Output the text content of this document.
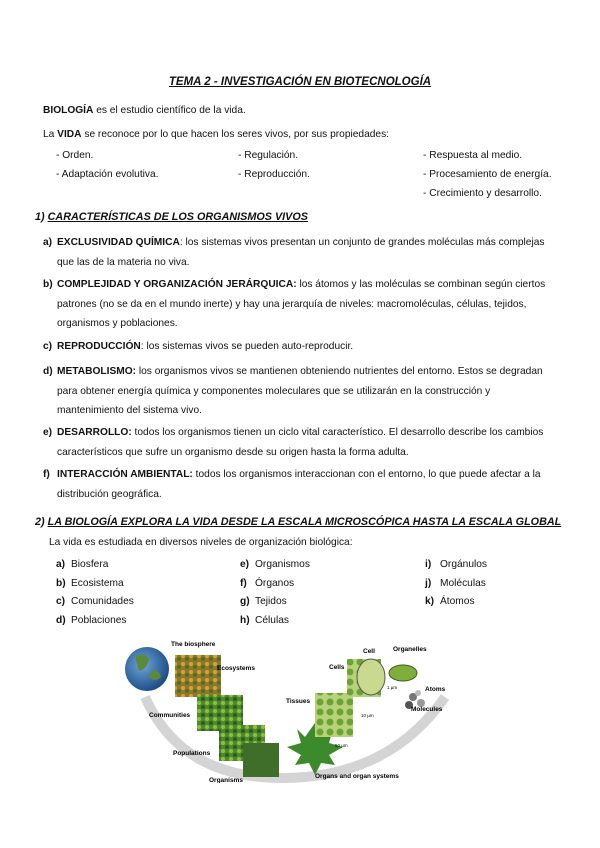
TEMA 2 - INVESTIGACIÓN EN BIOTECNOLOGÍA
BIOLOGÍA es el estudio científico de la vida.
La VIDA se reconoce por lo que hacen los seres vivos, por sus propiedades:
- Orden.
- Adaptación evolutiva.
- Regulación.
- Reproducción.
- Respuesta al medio.
- Procesamiento de energía.
- Crecimiento y desarrollo.
1) CARACTERÍSTICAS DE LOS ORGANISMOS VIVOS
a) EXCLUSIVIDAD QUÍMICA: los sistemas vivos presentan un conjunto de grandes moléculas más complejas que las de la materia no viva.
b) COMPLEJIDAD Y ORGANIZACIÓN JERÁRQUICA: los átomos y las moléculas se combinan según ciertos patrones (no se da en el mundo inerte) y hay una jerarquía de niveles: macromoléculas, células, tejidos, organismos y poblaciones.
c) REPRODUCCIÓN: los sistemas vivos se pueden auto-reproducir.
d) METABOLISMO: los organismos vivos se mantienen obteniendo nutrientes del entorno. Estos se degradan para obtener energía química y componentes moleculares que se utilizarán en la construcción y mantenimiento del sistema vivo.
e) DESARROLLO: todos los organismos tienen un ciclo vital característico. El desarrollo describe los cambios característicos que sufre un organismo desde su origen hasta la forma adulta.
f) INTERACCIÓN AMBIENTAL: todos los organismos interaccionan con el entorno, lo que puede afectar a la distribución geográfica.
2) LA BIOLOGÍA EXPLORA LA VIDA DESDE LA ESCALA MICROSCÓPICA HASTA LA ESCALA GLOBAL
La vida es estudiada en diversos niveles de organización biológica:
a) Biosfera
b) Ecosistema
c) Comunidades
d) Poblaciones
e) Organismos
f) Órganos
g) Tejidos
h) Células
i) Orgánulos
j) Moléculas
k) Átomos
The biosphere
Ecosystems
Communities
Populations
Organisms
Organs and organ systems
Tissues
50 µm
Cells
10 µm
Cell	Organelles
1 µm	Atoms
Molecules
